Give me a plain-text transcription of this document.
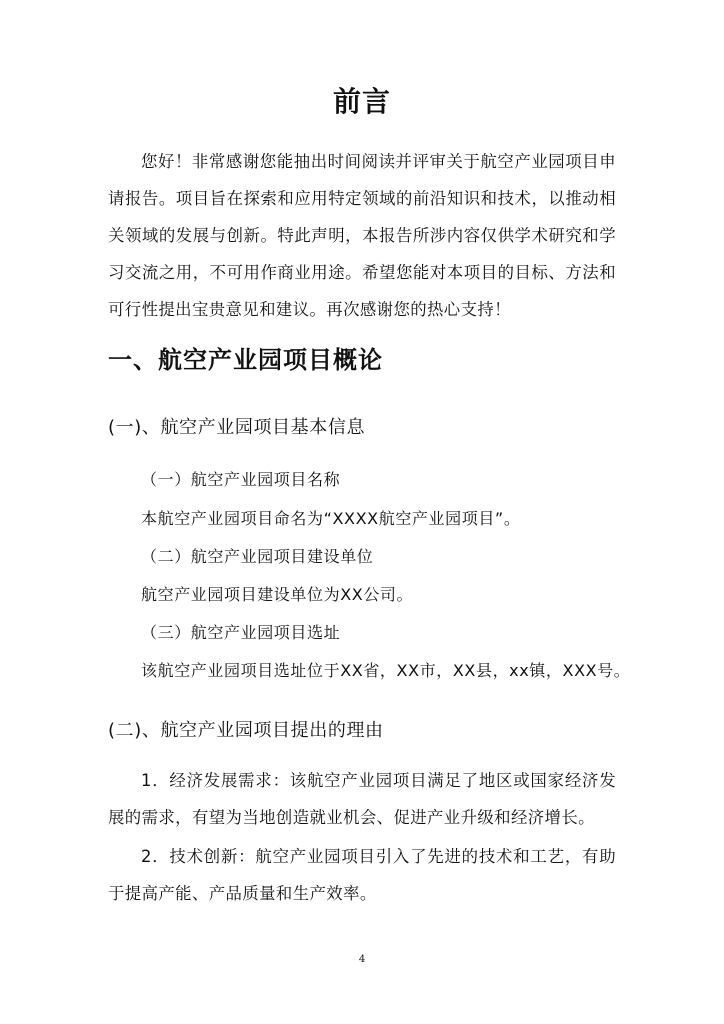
前言
您好！非常感谢您能抽出时间阅读并评审关于航空产业园项目申请报告。项目旨在探索和应用特定领域的前沿知识和技术，以推动相关领域的发展与创新。特此声明，本报告所涉内容仅供学术研究和学习交流之用，不可用作商业用途。希望您能对本项目的目标、方法和可行性提出宝贵意见和建议。再次感谢您的热心支持！
一、航空产业园项目概论
(一)、航空产业园项目基本信息
（一）航空产业园项目名称
本航空产业园项目命名为“XXXX航空产业园项目”。
（二）航空产业园项目建设单位
航空产业园项目建设单位为XX公司。
（三）航空产业园项目选址
该航空产业园项目选址位于XX省，XX市，XX县，xx镇，XXX号。
(二)、航空产业园项目提出的理由
1．经济发展需求：该航空产业园项目满足了地区或国家经济发展的需求，有望为当地创造就业机会、促进产业升级和经济增长。
2．技术创新：航空产业园项目引入了先进的技术和工艺，有助于提高产能、产品质量和生产效率。
4
